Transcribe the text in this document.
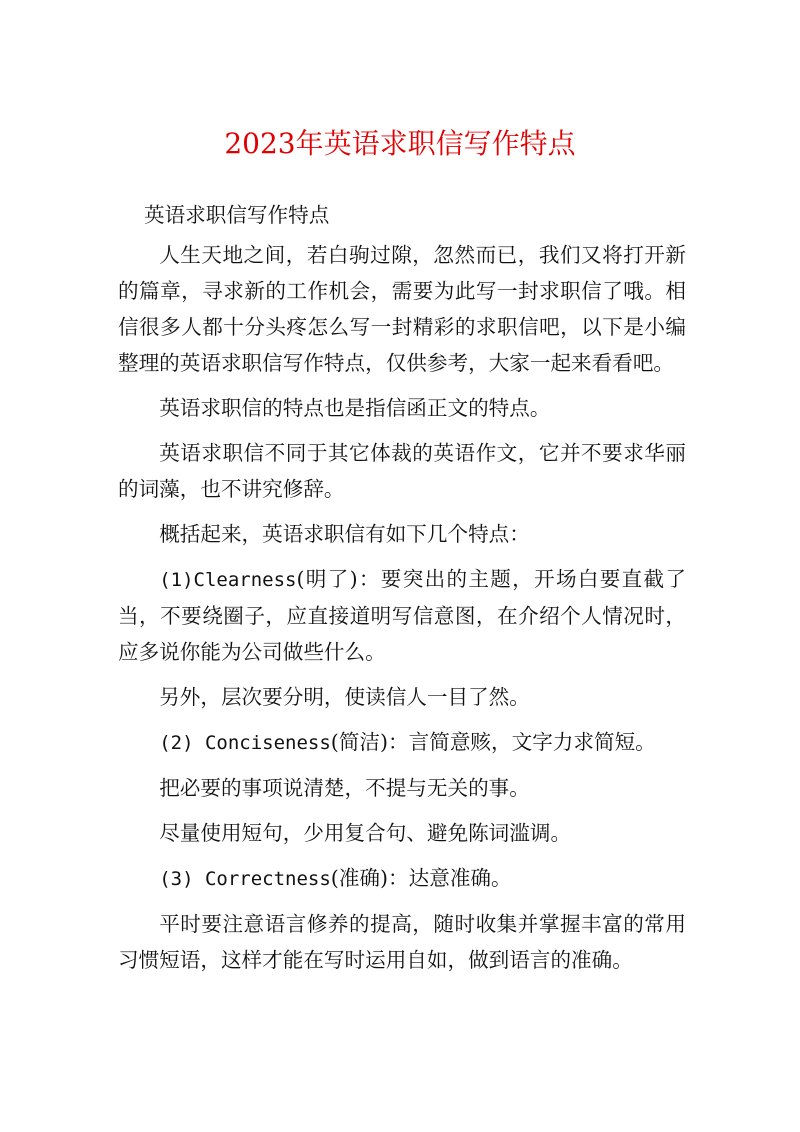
2023年英语求职信写作特点

英语求职信写作特点

人生天地之间，若白驹过隙，忽然而已，我们又将打开新的篇章，寻求新的工作机会，需要为此写一封求职信了哦。相信很多人都十分头疼怎么写一封精彩的求职信吧，以下是小编整理的英语求职信写作特点，仅供参考，大家一起来看看吧。

英语求职信的特点也是指信函正文的特点。

英语求职信不同于其它体裁的英语作文，它并不要求华丽的词藻，也不讲究修辞。

概括起来，英语求职信有如下几个特点：

(1)Clearness(明了)：要突出的主题，开场白要直截了当，不要绕圈子，应直接道明写信意图，在介绍个人情况时，应多说你能为公司做些什么。

另外，层次要分明，使读信人一目了然。

(2) Conciseness(简洁)：言简意赅，文字力求简短。

把必要的事项说清楚，不提与无关的事。

尽量使用短句，少用复合句、避免陈词滥调。

(3) Correctness(准确)：达意准确。

平时要注意语言修养的提高，随时收集并掌握丰富的常用习惯短语，这样才能在写时运用自如，做到语言的准确。
